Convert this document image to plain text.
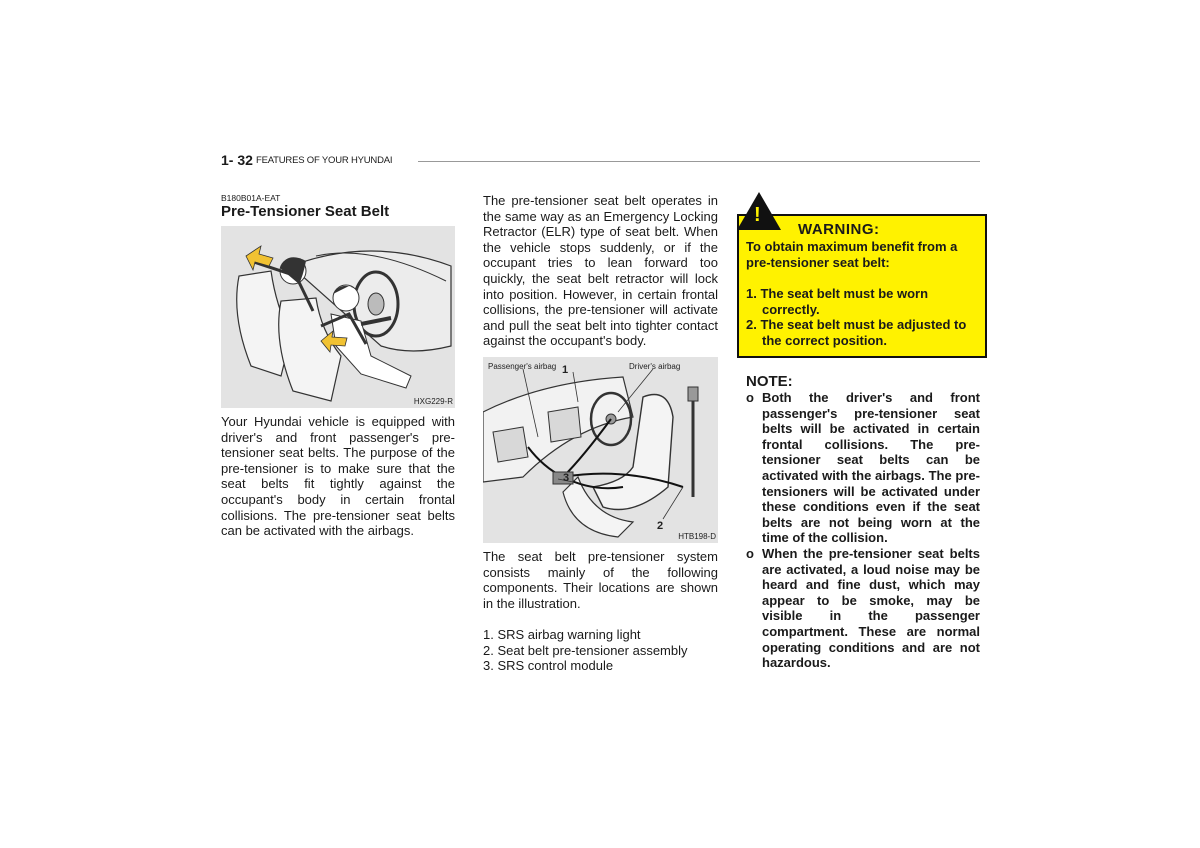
1- 32 FEATURES OF YOUR HYUNDAI
B180B01A-EAT
Pre-Tensioner Seat Belt
HXG229-R

Your Hyundai vehicle is equipped with driver's and front passenger's pre-tensioner seat belts. The purpose of the pre-tensioner is to make sure that the seat belts fit tightly against the occupant's body in certain frontal collisions. The pre-tensioner seat belts can be activated with the airbags.

The pre-tensioner seat belt operates in the same way as an Emergency Locking Retractor (ELR) type of seat belt. When the vehicle stops suddenly, or if the occupant tries to lean forward too quickly, the seat belt retractor will lock into position. However, in certain frontal collisions, the pre-tensioner will activate and pull the seat belt into tighter contact against the occupant's body.

Passenger's airbag	Driver's airbag
1
3
2
HTB198-D

The seat belt pre-tensioner system consists mainly of the following components. Their locations are shown in the illustration.

1. SRS airbag warning light
2. Seat belt pre-tensioner assembly
3. SRS control module
!
WARNING:
To obtain maximum benefit from a pre-tensioner seat belt:
1. The seat belt must be worn correctly.
2. The seat belt must be adjusted to the correct position.
NOTE:
o Both the driver's and front passenger's pre-tensioner seat belts will be activated in certain frontal collisions. The pre-tensioner seat belts can be activated with the airbags. The pre-tensioners will be activated under these conditions even if the seat belts are not being worn at the time of the collision.
o When the pre-tensioner seat belts are activated, a loud noise may be heard and fine dust, which may appear to be smoke, may be visible in the passenger compartment. These are normal operating conditions and are not hazardous.
